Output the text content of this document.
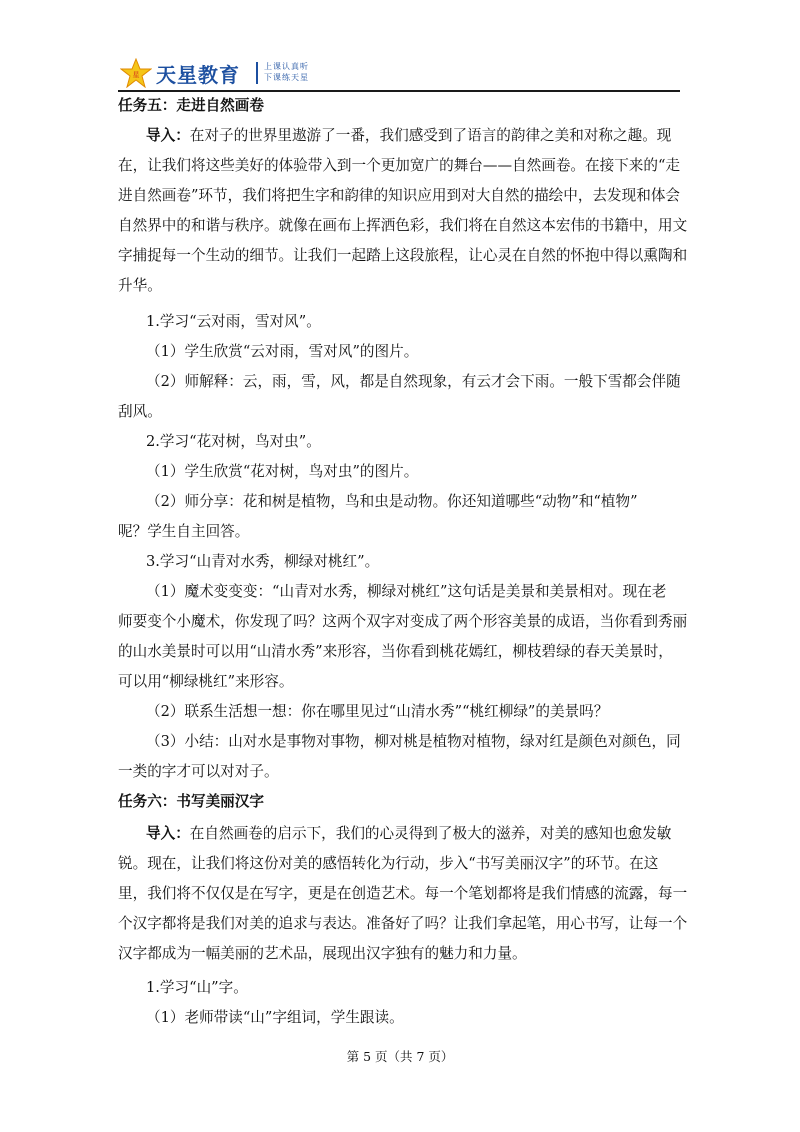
星 天星教育	上课认真听
下课练天星
任务五：走进自然画卷
导入：在对子的世界里遨游了一番，我们感受到了语言的韵律之美和对称之趣。现
在，让我们将这些美好的体验带入到一个更加宽广的舞台——自然画卷。在接下来的“走
进自然画卷”环节，我们将把生字和韵律的知识应用到对大自然的描绘中，去发现和体会
自然界中的和谐与秩序。就像在画布上挥洒色彩，我们将在自然这本宏伟的书籍中，用文
字捕捉每一个生动的细节。让我们一起踏上这段旅程，让心灵在自然的怀抱中得以熏陶和
升华。
1.学习“云对雨，雪对风”。
（1）学生欣赏“云对雨，雪对风”的图片。
（2）师解释：云，雨，雪，风，都是自然现象，有云才会下雨。一般下雪都会伴随
刮风。
2.学习“花对树，鸟对虫”。
（1）学生欣赏“花对树，鸟对虫”的图片。
（2）师分享：花和树是植物，鸟和虫是动物。你还知道哪些“动物”和“植物”
呢？学生自主回答。
3.学习“山青对水秀，柳绿对桃红”。
（1）魔术变变变：“山青对水秀，柳绿对桃红”这句话是美景和美景相对。现在老
师要变个小魔术，你发现了吗？这两个双字对变成了两个形容美景的成语，当你看到秀丽
的山水美景时可以用“山清水秀”来形容，当你看到桃花嫣红，柳枝碧绿的春天美景时，
可以用“柳绿桃红”来形容。
（2）联系生活想一想：你在哪里见过“山清水秀”“桃红柳绿”的美景吗？
（3）小结：山对水是事物对事物，柳对桃是植物对植物，绿对红是颜色对颜色，同
一类的字才可以对对子。
任务六：书写美丽汉字
导入：在自然画卷的启示下，我们的心灵得到了极大的滋养，对美的感知也愈发敏
锐。现在，让我们将这份对美的感悟转化为行动，步入“书写美丽汉字”的环节。在这
里，我们将不仅仅是在写字，更是在创造艺术。每一个笔划都将是我们情感的流露，每一
个汉字都将是我们对美的追求与表达。准备好了吗？让我们拿起笔，用心书写，让每一个
汉字都成为一幅美丽的艺术品，展现出汉字独有的魅力和力量。
1.学习“山”字。
（1）老师带读“山”字组词，学生跟读。
第 5 页（共 7 页）
